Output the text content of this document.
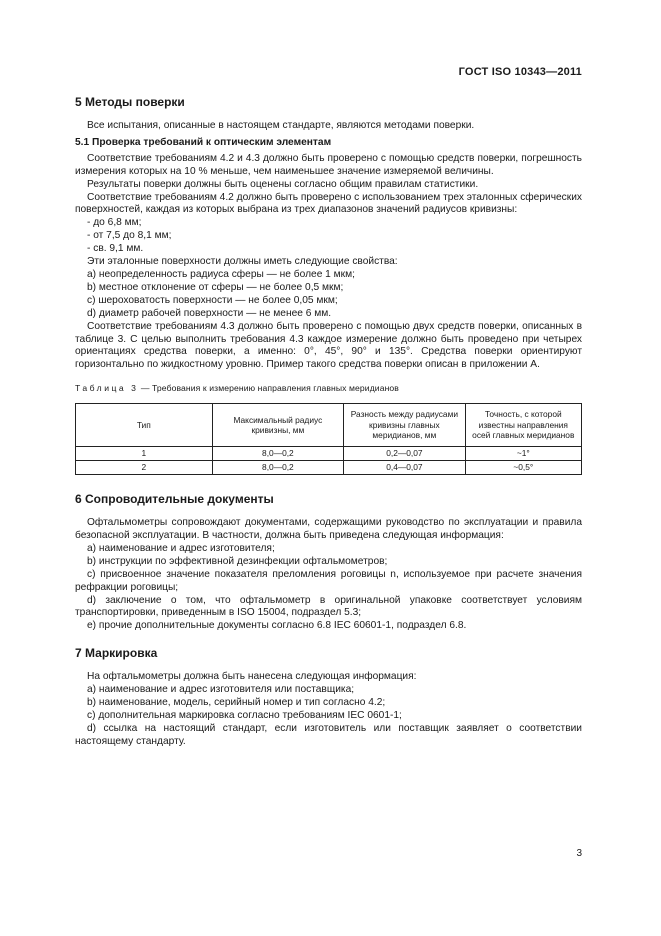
ГОСТ ISO 10343—2011
5 Методы поверки

Все испытания, описанные в настоящем стандарте, являются методами поверки.

5.1 Проверка требований к оптическим элементам

Соответствие требованиям 4.2 и 4.3 должно быть проверено с помощью средств поверки, погрешность измерения которых на 10 % меньше, чем наименьшее значение измеряемой величины.

Результаты поверки должны быть оценены согласно общим правилам статистики.

Соответствие требованиям 4.2 должно быть проверено с использованием трех эталонных сферических поверхностей, каждая из которых выбрана из трех диапазонов значений радиусов кривизны:

- до 6,8 мм;

- от 7,5 до 8,1 мм;

- св. 9,1 мм.

Эти эталонные поверхности должны иметь следующие свойства:

а) неопределенность радиуса сферы — не более 1 мкм;

b) местное отклонение от сферы — не более 0,5 мкм;

c) шероховатость поверхности — не более 0,05 мкм;

d) диаметр рабочей поверхности — не менее 6 мм.

Соответствие требованиям 4.3 должно быть проверено с помощью двух средств поверки, описанных в таблице 3. С целью выполнить требования 4.3 каждое измерение должно быть проведено при четырех ориентациях средства поверки, а именно: 0°, 45°, 90° и 135°. Средства поверки ориентируют горизонтально по жидкостному уровню. Пример такого средства поверки описан в приложении А.

Таблица 3 — Требования к измерению направления главных меридианов
Тип	Максимальный радиус кривизны, мм	Разность между радиусами кривизны главных меридианов, мм	Точность, с которой известны направления осей главных меридианов
1	8,0—0,2	0,2—0,07	~1°
2	8,0—0,2	0,4—0,07	~0,5°
6 Сопроводительные документы

Офтальмометры сопровождают документами, содержащими руководство по эксплуатации и правила безопасной эксплуатации. В частности, должна быть приведена следующая информация:

а) наименование и адрес изготовителя;

b) инструкции по эффективной дезинфекции офтальмометров;

c) присвоенное значение показателя преломления роговицы n, используемое при расчете значения рефракции роговицы;

d) заключение о том, что офтальмометр в оригинальной упаковке соответствует условиям транспортировки, приведенным в ISO 15004, подраздел 5.3;

e) прочие дополнительные документы согласно 6.8 IEC 60601-1, подраздел 6.8.

7 Маркировка

На офтальмометры должна быть нанесена следующая информация:

а) наименование и адрес изготовителя или поставщика;

b) наименование, модель, серийный номер и тип согласно 4.2;

c) дополнительная маркировка согласно требованиям IEC 0601-1;

d) ссылка на настоящий стандарт, если изготовитель или поставщик заявляет о соответствии настоящему стандарту.

3
